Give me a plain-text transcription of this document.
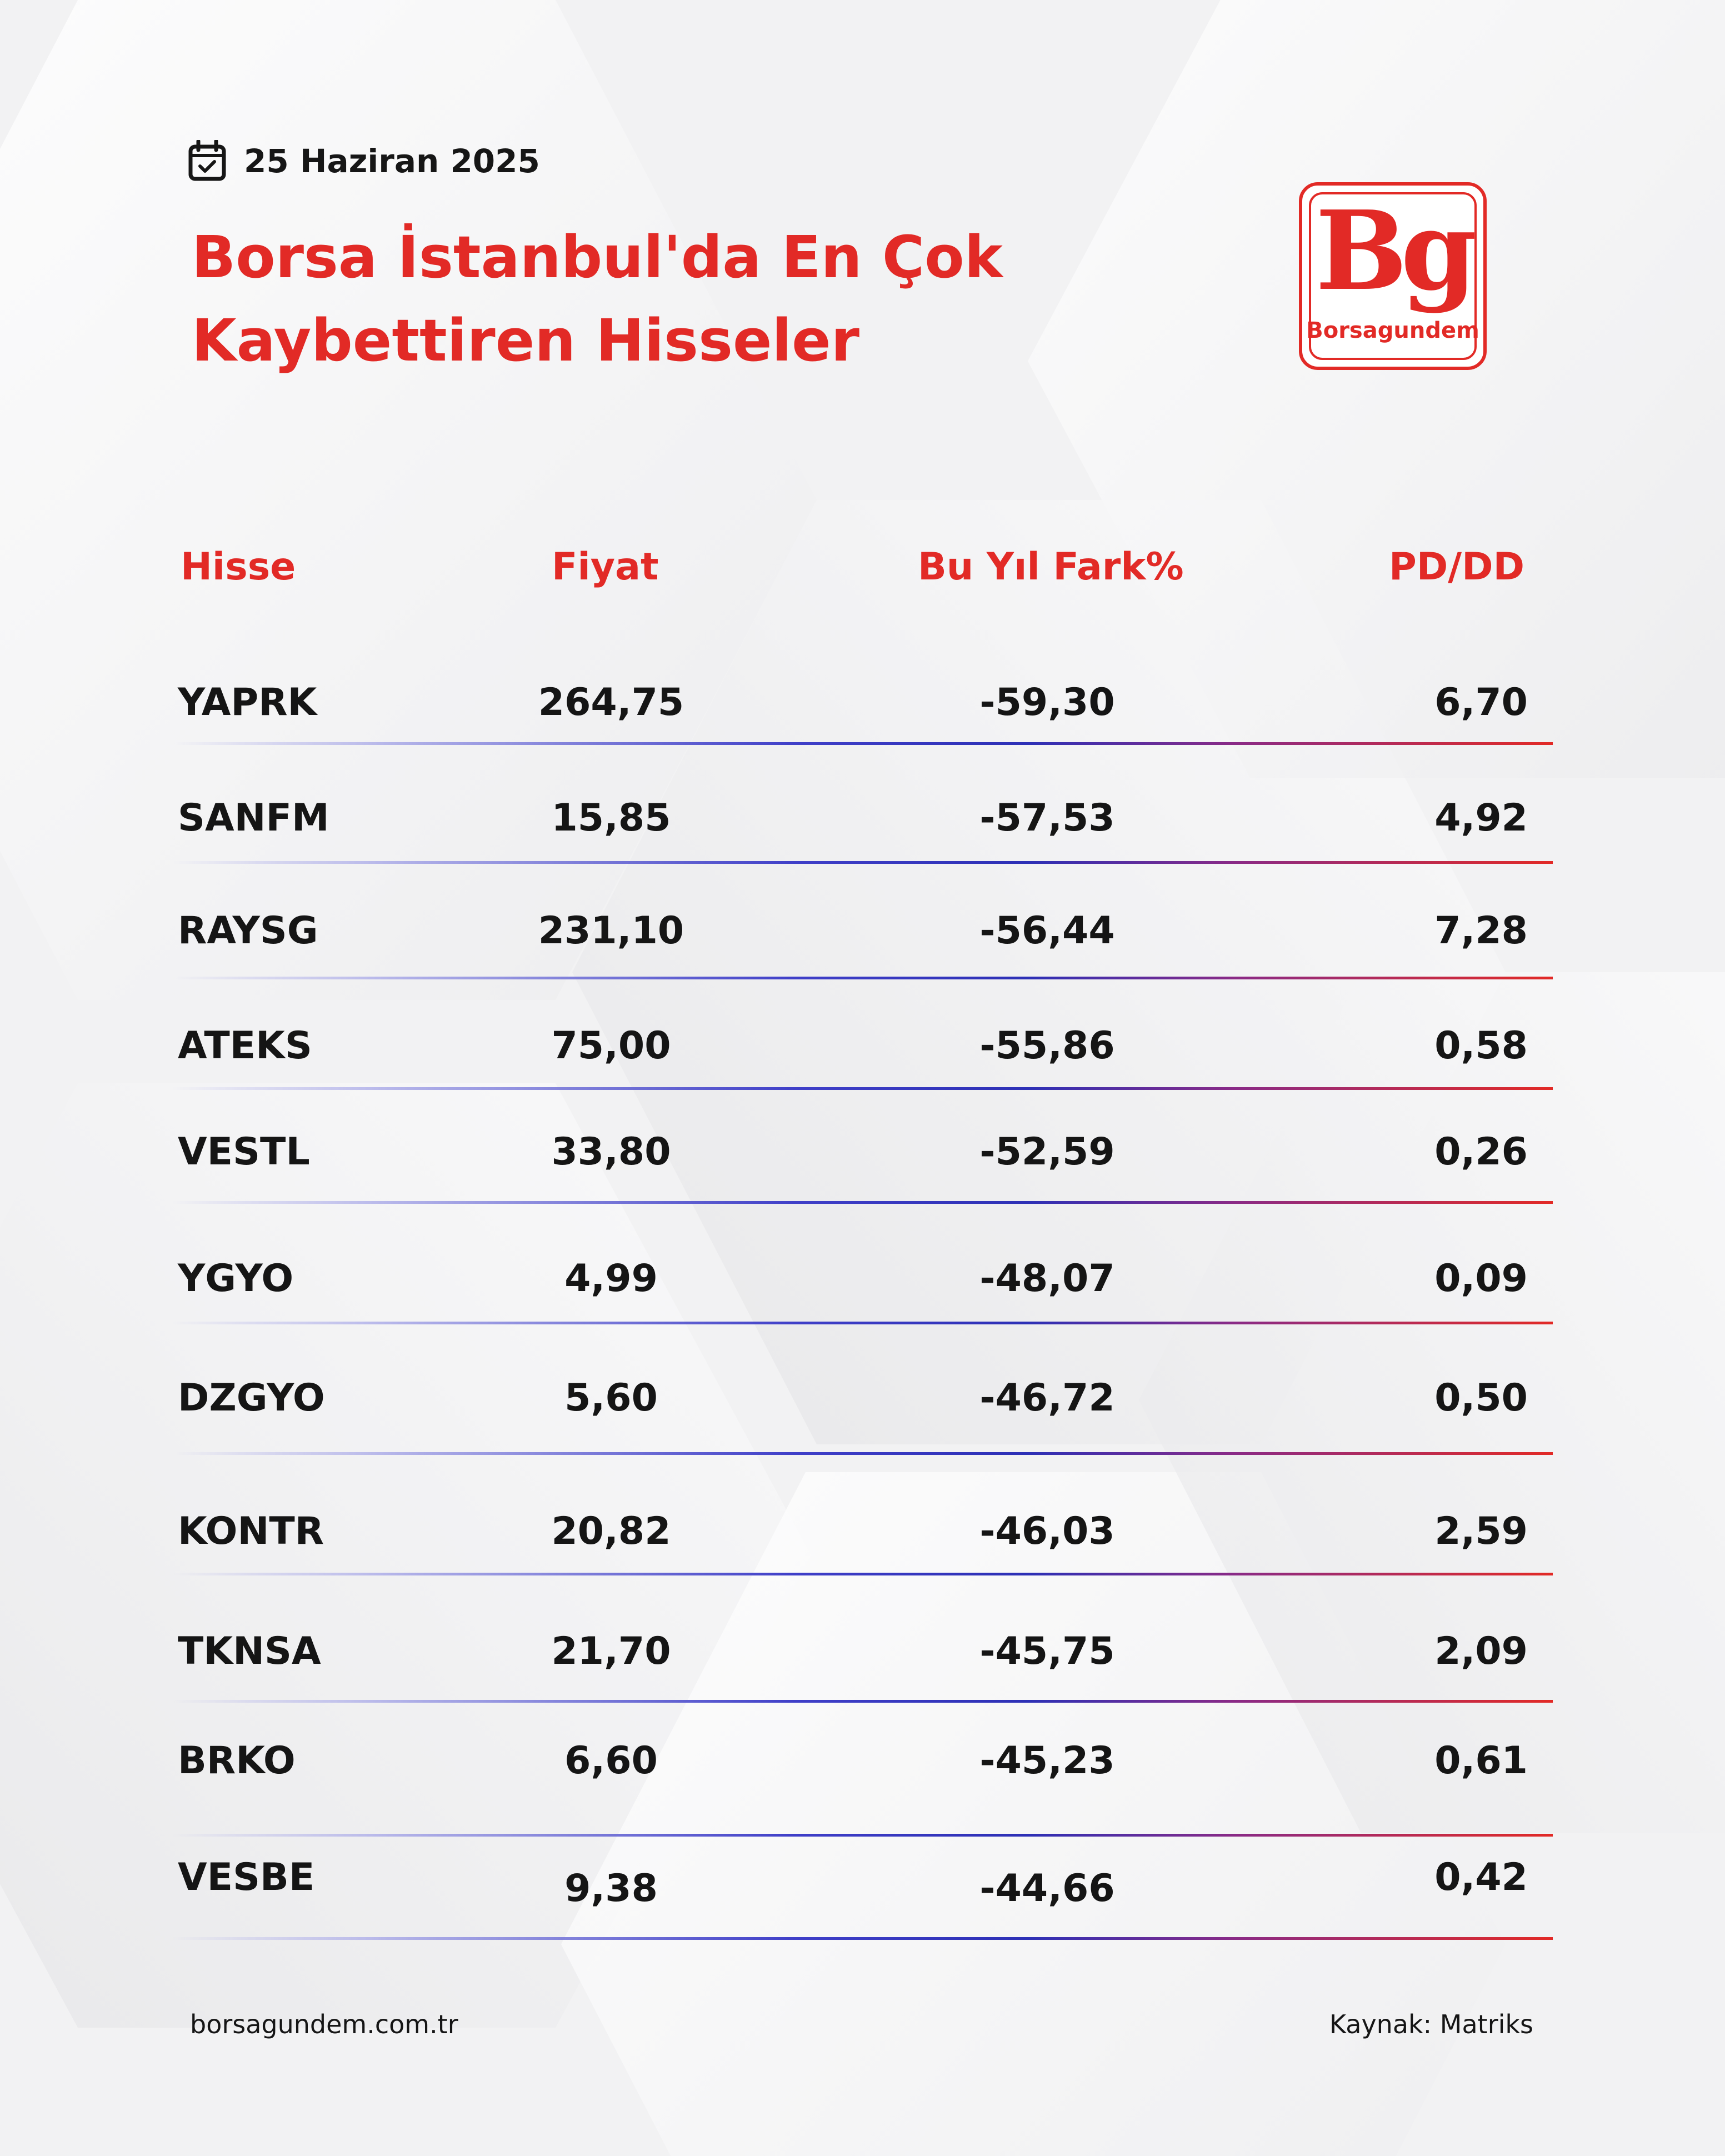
25 Haziran 2025
Borsa İstanbul'da En Çok
Kaybettiren Hisseler
Bg
Borsagundem
Hisse	Fiyat	Bu Yıl Fark%	PD/DD
YAPRK	264,75	-59,30	6,70
SANFM	15,85	-57,53	4,92
RAYSG	231,10	-56,44	7,28
ATEKS	75,00	-55,86	0,58
VESTL	33,80	-52,59	0,26
YGYO	4,99	-48,07	0,09
DZGYO	5,60	-46,72	0,50
KONTR	20,82	-46,03	2,59
TKNSA	21,70	-45,75	2,09
BRKO	6,60	-45,23	0,61
VESBE	9,38	-44,66	0,42
borsagundem.com.tr	Kaynak: Matriks
